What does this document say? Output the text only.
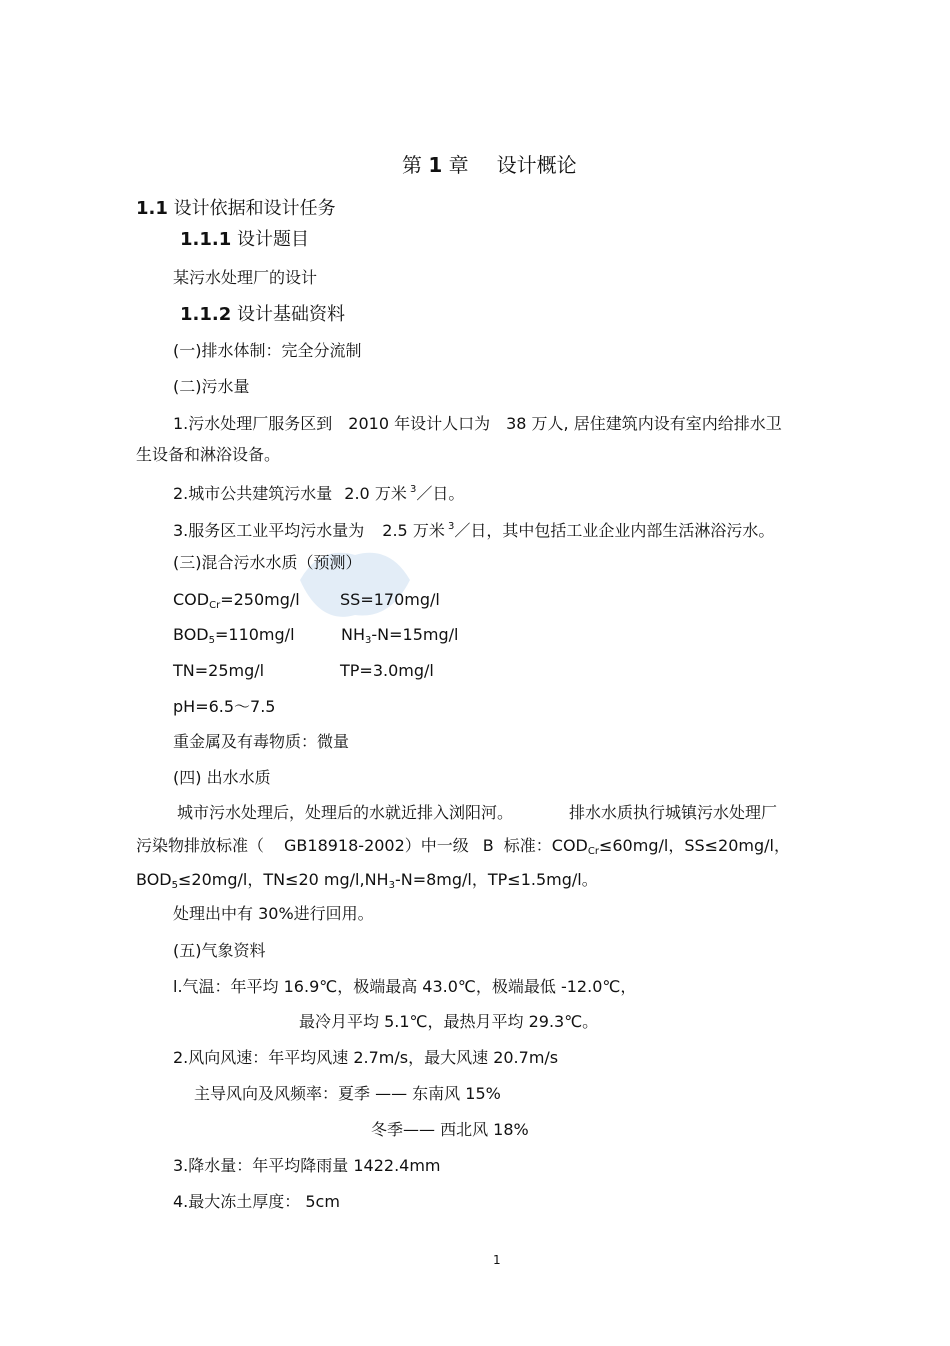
第 1 章 设计概论
1.1 设计依据和设计任务
1.1.1 设计题目
某污水处理厂的设计
1.1.2 设计基础资料
(一)排水体制：完全分流制
(二)污水量
1.污水处理厂服务区到 2010 年设计人口为 38 万人, 居住建筑内设有室内给排水卫
生设备和淋浴设备。
2.城市公共建筑污水量 2.0 万米 $^3$／日。
3.服务区工业平均污水量为 2.5 万米 $^3$／日，其中包括工业企业内部生活淋浴污水。
(三)混合污水水质（预测）
$COD_{Cr}=250mg/l$	SS=170mg/l
$BOD_5=110mg/l$	$NH_3-N=15mg/l$
TN=25mg/l	TP=3.0mg/l
pH=6.5～7.5
重金属及有毒物质：微量
(四) 出水水质
城市污水处理后，处理后的水就近排入浏阳河。	排水水质执行城镇污水处理厂
污染物排放标准（ GB18918-2002）中一级 B 标准：$COD_{Cr}\le 60mg/l$，SS≤20mg/l，
$BOD_5\le 20mg/l$，TN≤20 $mg/l,NH_3-N=8mg/l$，TP≤1.5mg/l。
处理出中有 30%进行回用。
(五)气象资料
l.气温：年平均 16.9℃，极端最高 43.0℃，极端最低 -12.0℃，
最冷月平均 5.1℃，最热月平均 29.3℃。
2.风向风速：年平均风速 2.7m/s，最大风速 20.7m/s
主导风向及风频率：夏季 —— 东南风 15%
冬季—— 西北风 18%
3.降水量：年平均降雨量 1422.4mm
4.最大冻土厚度： 5cm
1
